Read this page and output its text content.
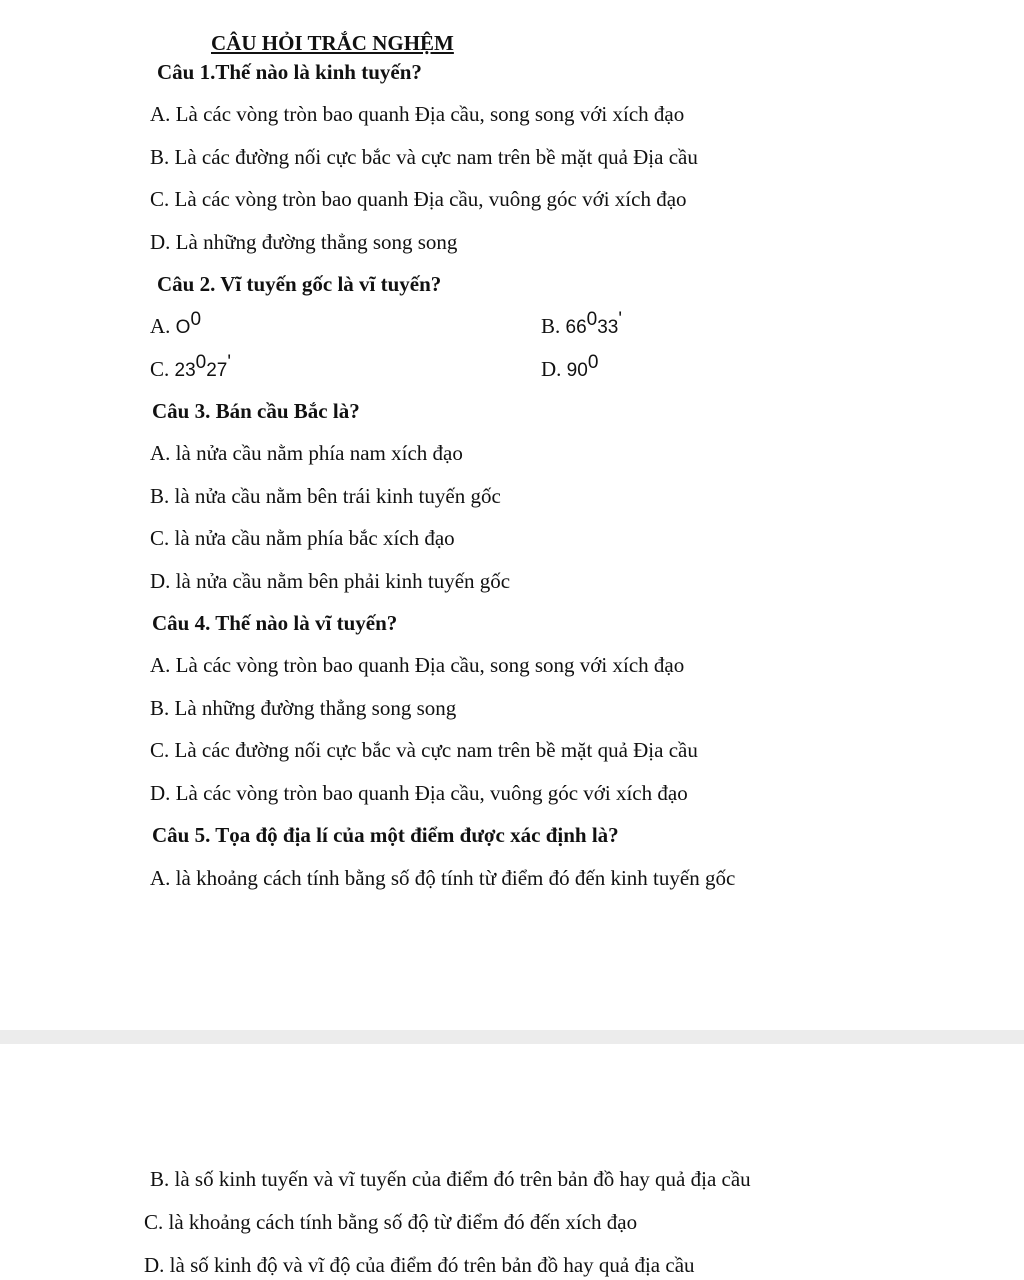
CÂU HỎI TRẮC NGHỆM
Câu 1.Thế nào là kinh tuyến?
A. Là các vòng tròn bao quanh Địa cầu, song song với xích đạo
B. Là các đường nối cực bắc và cực nam trên bề mặt quả Địa cầu
C. Là các vòng tròn bao quanh Địa cầu, vuông góc với xích đạo
D. Là những đường thẳng song song
Câu 2. Vĩ tuyến gốc là vĩ tuyến?
A. $O^0$	B. $66^033'$
C. $23^027'$	D. $90^0$
Câu 3. Bán cầu Bắc là?
A. là nửa cầu nằm phía nam xích đạo
B. là nửa cầu nằm bên trái kinh tuyến gốc
C. là nửa cầu nằm phía bắc xích đạo
D. là nửa cầu nằm bên phải kinh tuyến gốc
Câu 4. Thế nào là vĩ tuyến?
A. Là các vòng tròn bao quanh Địa cầu, song song với xích đạo
B. Là những đường thẳng song song
C. Là các đường nối cực bắc và cực nam trên bề mặt quả Địa cầu
D. Là các vòng tròn bao quanh Địa cầu, vuông góc với xích đạo
Câu 5. Tọa độ địa lí của một điểm được xác định là?
A. là khoảng cách tính bằng số độ tính từ điểm đó đến kinh tuyến gốc
B. là số kinh tuyến và vĩ tuyến của điểm đó trên bản đồ hay quả địa cầu
C. là khoảng cách tính bằng số độ từ điểm đó đến xích đạo
D. là số kinh độ và vĩ độ của điểm đó trên bản đồ hay quả địa cầu
